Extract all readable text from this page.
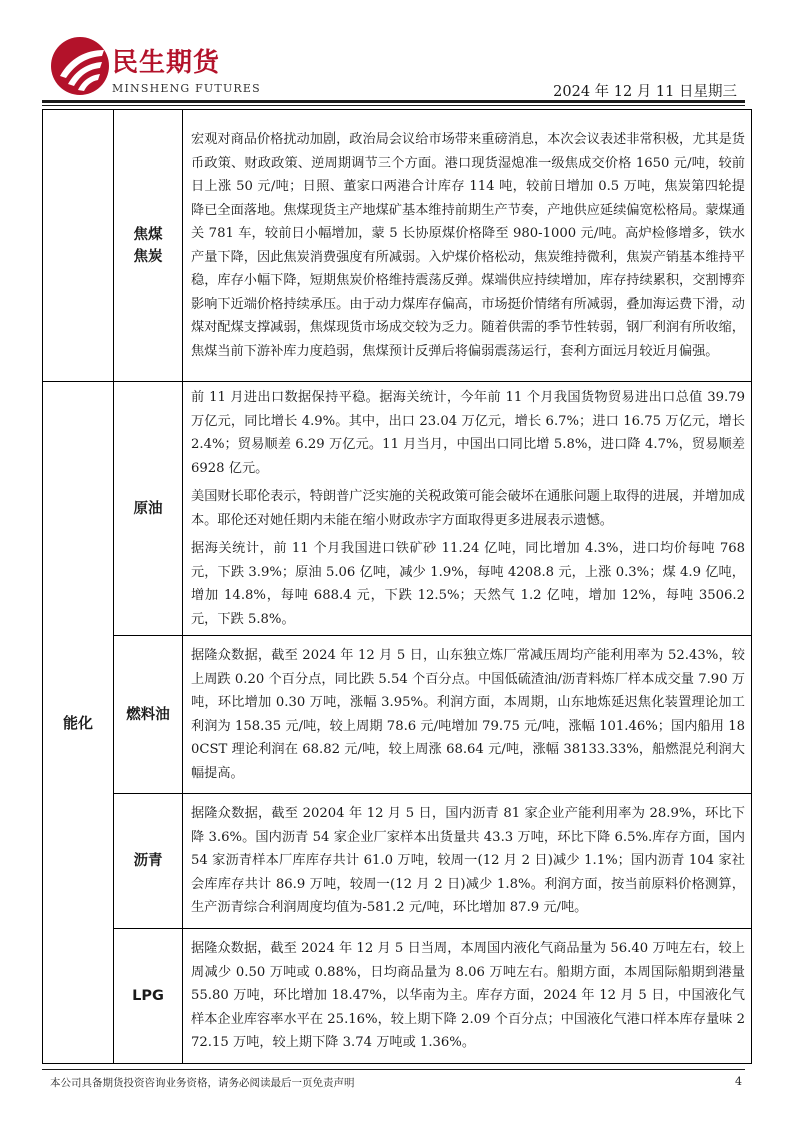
民生期货
MINSHENG FUTURES	2024 年 12 月 11 日星期三
	焦煤
焦炭	宏观对商品价格扰动加剧，政治局会议给市场带来重磅消息，本次会议表述非常积极，尤其是货币政策、财政政策、逆周期调节三个方面。港口现货湿熄准一级焦成交价格 1650 元/吨，较前日上涨 50 元/吨；日照、董家口两港合计库存 114 吨，较前日增加 0.5 万吨，焦炭第四轮提降已全面落地。焦煤现货主产地煤矿基本维持前期生产节奏，产地供应延续偏宽松格局。蒙煤通关 781 车，较前日小幅增加，蒙 5 长协原煤价格降至 980-1000 元/吨。高炉检修增多，铁水产量下降，因此焦炭消费强度有所减弱。入炉煤价格松动，焦炭维持微利，焦炭产销基本维持平稳，库存小幅下降，短期焦炭价格维持震荡反弹。煤端供应持续增加，库存持续累积，交割博弈影响下近端价格持续承压。由于动力煤库存偏高，市场挺价情绪有所减弱，叠加海运费下滑，动煤对配煤支撑减弱，焦煤现货市场成交较为乏力。随着供需的季节性转弱，钢厂利润有所收缩，焦煤当前下游补库力度趋弱，焦煤预计反弹后将偏弱震荡运行，套利方面远月较近月偏强。

能化	原油	前 11 月进出口数据保持平稳。据海关统计，今年前 11 个月我国货物贸易进出口总值 39.79 万亿元，同比增长 4.9%。其中，出口 23.04 万亿元，增长 6.7%；进口 16.75 万亿元，增长 2.4%；贸易顺差 6.29 万亿元。11 月当月，中国出口同比增 5.8%，进口降 4.7%，贸易顺差 6928 亿元。

美国财长耶伦表示，特朗普广泛实施的关税政策可能会破坏在通胀问题上取得的进展，并增加成本。耶伦还对她任期内未能在缩小财政赤字方面取得更多进展表示遗憾。

据海关统计，前 11 个月我国进口铁矿砂 11.24 亿吨，同比增加 4.3%，进口均价每吨 768 元，下跌 3.9%；原油 5.06 亿吨，减少 1.9%，每吨 4208.8 元，上涨 0.3%；煤 4.9 亿吨，增加 14.8%，每吨 688.4 元，下跌 12.5%；天然气 1.2 亿吨，增加 12%，每吨 3506.2 元，下跌 5.8%。

	燃料油	据隆众数据，截至 2024 年 12 月 5 日，山东独立炼厂常减压周均产能利用率为 52.43%，较上周跌 0.20 个百分点，同比跌 5.54 个百分点。中国低硫渣油/沥青料炼厂样本成交量 7.90 万吨，环比增加 0.30 万吨，涨幅 3.95%。利润方面，本周期，山东地炼延迟焦化装置理论加工利润为 158.35 元/吨，较上周期 78.6 元/吨增加 79.75 元/吨，涨幅 101.46%；国内船用 180CST 理论利润在 68.82 元/吨，较上周涨 68.64 元/吨，涨幅 38133.33%，船燃混兑利润大幅提高。

	沥青	据隆众数据，截至 20204 年 12 月 5 日，国内沥青 81 家企业产能利用率为 28.9%，环比下降 3.6%。国内沥青 54 家企业厂家样本出货量共 43.3 万吨，环比下降 6.5%.库存方面，国内 54 家沥青样本厂库库存共计 61.0 万吨，较周一(12 月 2 日)减少 1.1%；国内沥青 104 家社会库库存共计 86.9 万吨，较周一(12 月 2 日)减少 1.8%。利润方面，按当前原料价格测算，生产沥青综合利润周度均值为-581.2 元/吨，环比增加 87.9 元/吨。

	LPG	据隆众数据，截至 2024 年 12 月 5 日当周，本周国内液化气商品量为 56.40 万吨左右，较上周减少 0.50 万吨或 0.88%，日均商品量为 8.06 万吨左右。船期方面，本周国际船期到港量 55.80 万吨，环比增加 18.47%，以华南为主。库存方面，2024 年 12 月 5 日，中国液化气样本企业库容率水平在 25.16%，较上期下降 2.09 个百分点；中国液化气港口样本库存量味 272.15 万吨，较上期下降 3.74 万吨或 1.36%。

本公司具备期货投资咨询业务资格，请务必阅读最后一页免责声明	4
